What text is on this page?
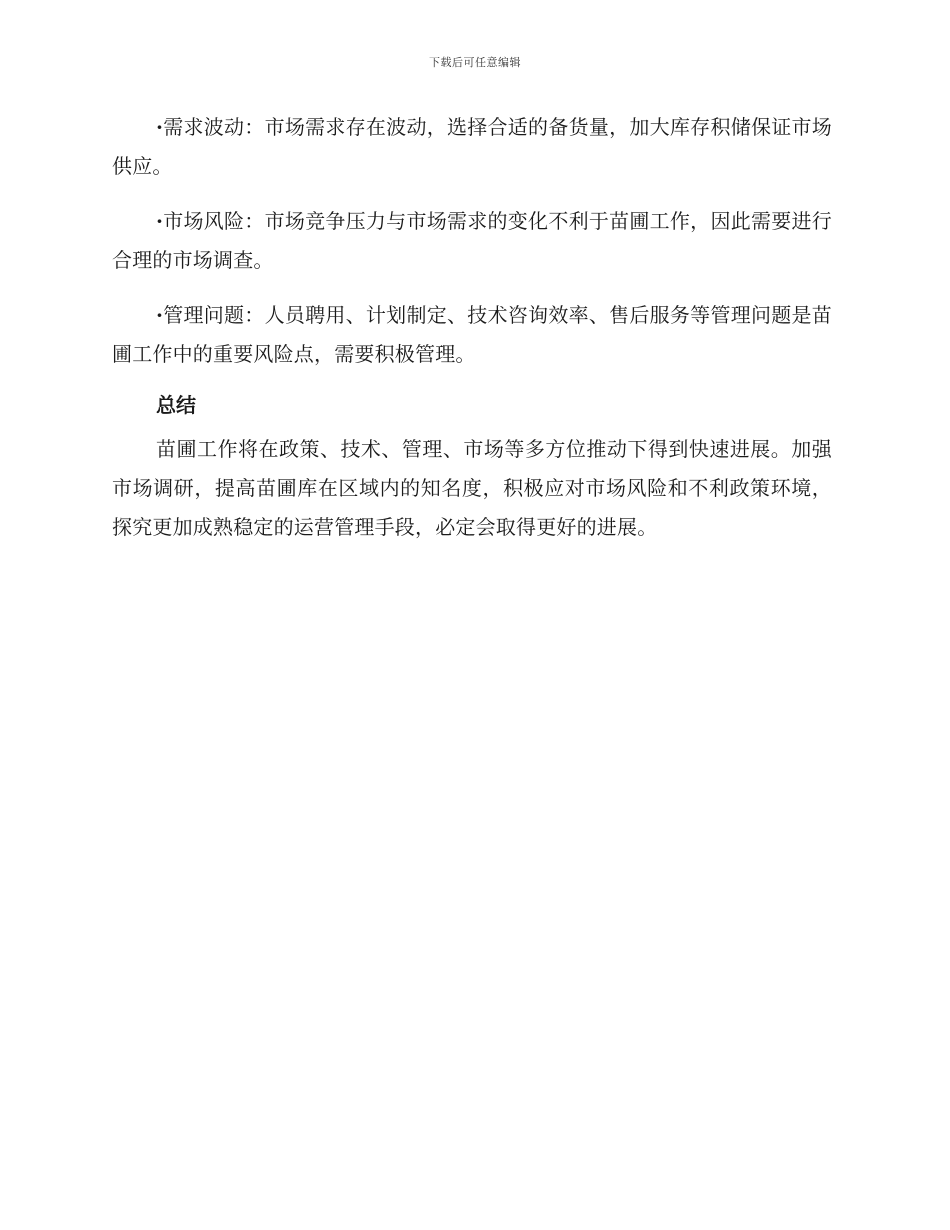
下载后可任意编辑

·需求波动：市场需求存在波动，选择合适的备货量，加大库存积储保证市场供应。

·市场风险：市场竞争压力与市场需求的变化不利于苗圃工作，因此需要进行合理的市场调查。

·管理问题：人员聘用、计划制定、技术咨询效率、售后服务等管理问题是苗圃工作中的重要风险点，需要积极管理。

总结

苗圃工作将在政策、技术、管理、市场等多方位推动下得到快速进展。加强市场调研，提高苗圃库在区域内的知名度，积极应对市场风险和不利政策环境，探究更加成熟稳定的运营管理手段，必定会取得更好的进展。
